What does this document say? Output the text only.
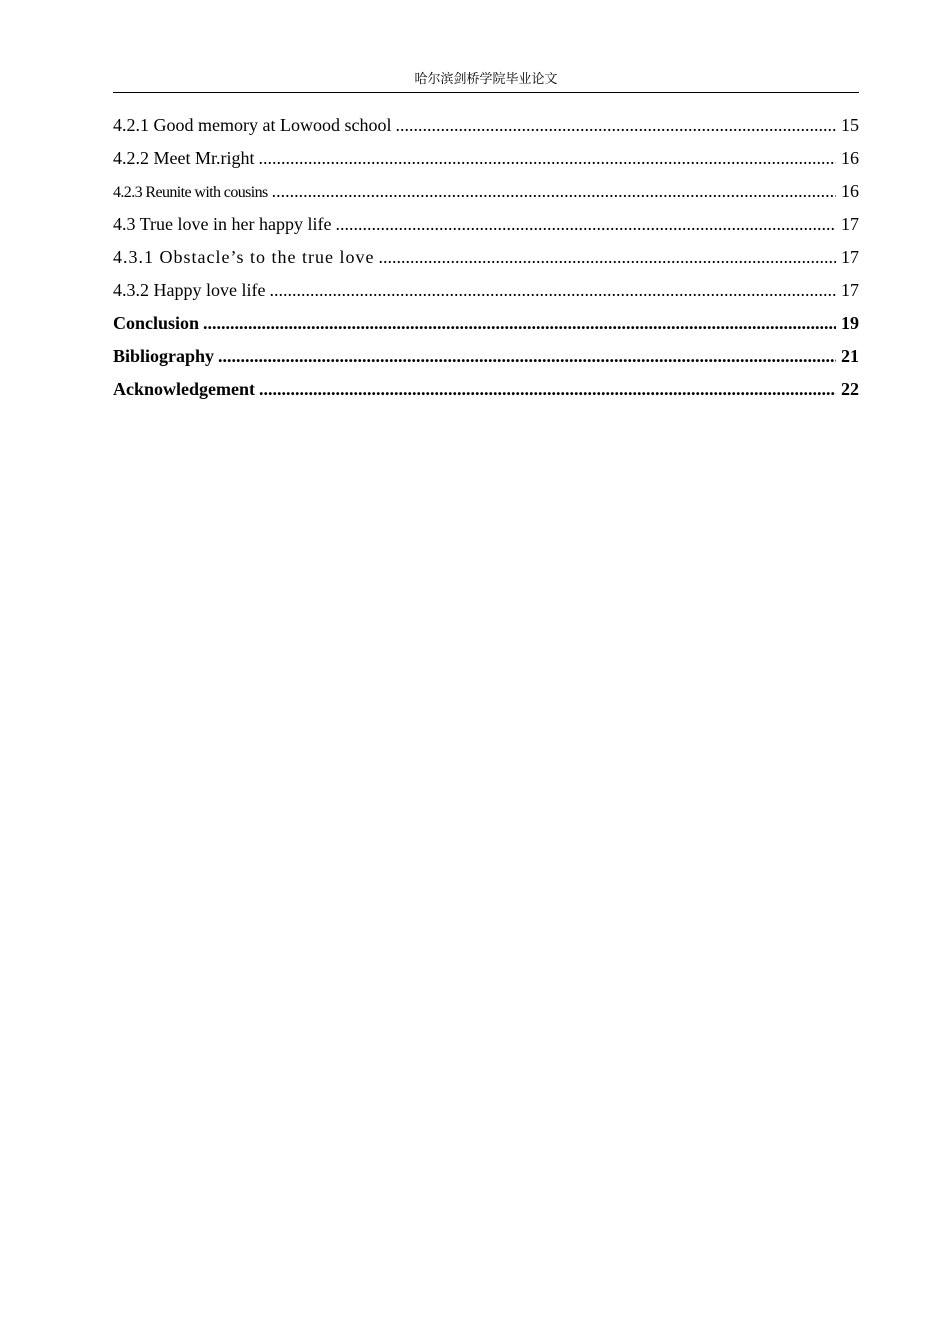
哈尔滨剑桥学院毕业论文
4.2.1 Good memory at Lowood school .....	15
4.2.2 Meet Mr.right .....	16
4.2.3 Reunite with cousins .....	16
4.3 True love in her happy life .....	17
4.3.1 Obstacle’s to the true love .....	17
4.3.2 Happy love life .....	17
Conclusion .....	19
Bibliography .....	21
Acknowledgement .....	22
